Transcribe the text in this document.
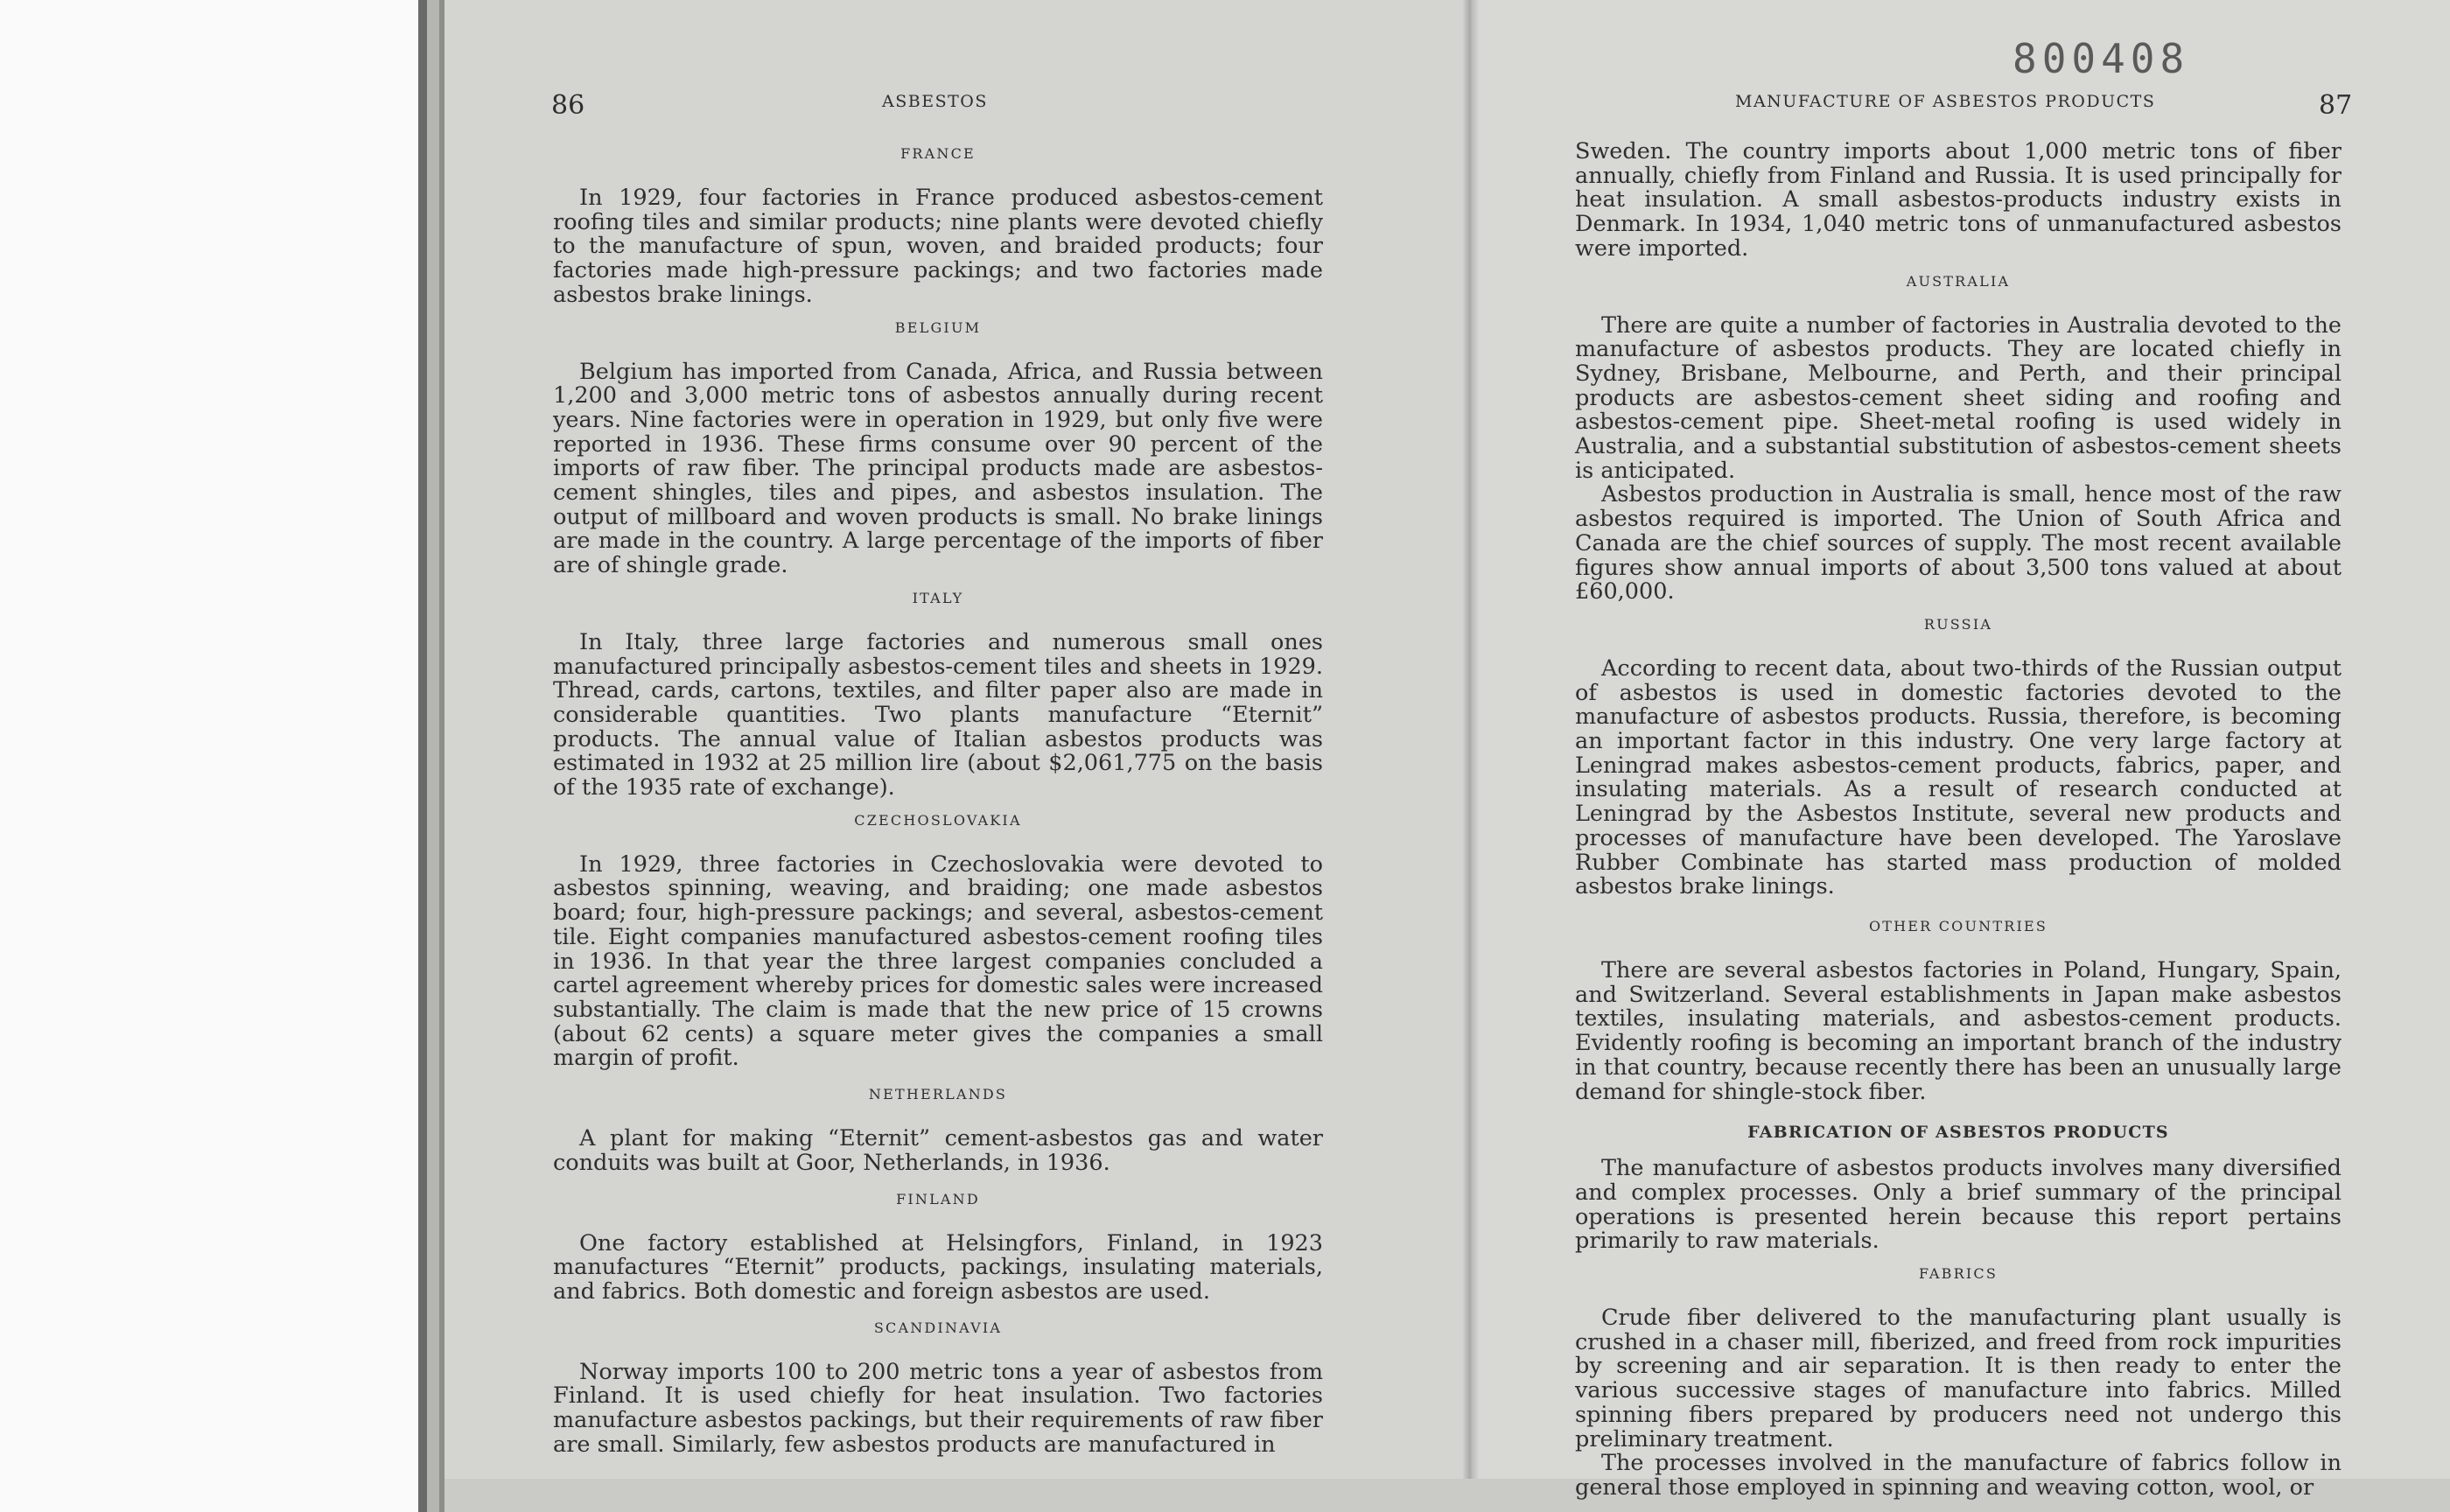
86	ASBESTOS
FRANCE

In 1929, four factories in France produced asbestos-cement roofing tiles and similar products; nine plants were devoted chiefly to the manufacture of spun, woven, and braided products; four factories made high-pressure packings; and two factories made asbestos brake linings.

BELGIUM

Belgium has imported from Canada, Africa, and Russia between 1,200 and 3,000 metric tons of asbestos annually during recent years. Nine factories were in operation in 1929, but only five were reported in 1936. These firms consume over 90 percent of the imports of raw fiber. The principal products made are asbestos-cement shingles, tiles and pipes, and asbestos insulation. The output of millboard and woven products is small. No brake linings are made in the country. A large percentage of the imports of fiber are of shingle grade.

ITALY

In Italy, three large factories and numerous small ones manufactured principally asbestos-cement tiles and sheets in 1929. Thread, cards, cartons, textiles, and filter paper also are made in considerable quantities. Two plants manufacture “Eternit” products. The annual value of Italian asbestos products was estimated in 1932 at 25 million lire (about $2,061,775 on the basis of the 1935 rate of exchange).

CZECHOSLOVAKIA

In 1929, three factories in Czechoslovakia were devoted to asbestos spinning, weaving, and braiding; one made asbestos board; four, high-pressure packings; and several, asbestos-cement tile. Eight companies manufactured asbestos-cement roofing tiles in 1936. In that year the three largest companies concluded a cartel agreement whereby prices for domestic sales were increased substantially. The claim is made that the new price of 15 crowns (about 62 cents) a square meter gives the companies a small margin of profit.

NETHERLANDS

A plant for making “Eternit” cement-asbestos gas and water conduits was built at Goor, Netherlands, in 1936.

FINLAND

One factory established at Helsingfors, Finland, in 1923 manufactures “Eternit” products, packings, insulating materials, and fabrics. Both domestic and foreign asbestos are used.

SCANDINAVIA

Norway imports 100 to 200 metric tons a year of asbestos from Finland. It is used chiefly for heat insulation. Two factories manufacture asbestos packings, but their requirements of raw fiber are small. Similarly, few asbestos products are manufactured in

800408
MANUFACTURE OF ASBESTOS PRODUCTS	87

Sweden. The country imports about 1,000 metric tons of fiber annually, chiefly from Finland and Russia. It is used principally for heat insulation. A small asbestos-products industry exists in Denmark. In 1934, 1,040 metric tons of unmanufactured asbestos were imported.

AUSTRALIA

There are quite a number of factories in Australia devoted to the manufacture of asbestos products. They are located chiefly in Sydney, Brisbane, Melbourne, and Perth, and their principal products are asbestos-cement sheet siding and roofing and asbestos-cement pipe. Sheet-metal roofing is used widely in Australia, and a substantial substitution of asbestos-cement sheets is anticipated.

Asbestos production in Australia is small, hence most of the raw asbestos required is imported. The Union of South Africa and Canada are the chief sources of supply. The most recent available figures show annual imports of about 3,500 tons valued at about £60,000.

RUSSIA

According to recent data, about two-thirds of the Russian output of asbestos is used in domestic factories devoted to the manufacture of asbestos products. Russia, therefore, is becoming an important factor in this industry. One very large factory at Leningrad makes asbestos-cement products, fabrics, paper, and insulating materials. As a result of research conducted at Leningrad by the Asbestos Institute, several new products and processes of manufacture have been developed. The Yaroslave Rubber Combinate has started mass production of molded asbestos brake linings.

OTHER COUNTRIES

There are several asbestos factories in Poland, Hungary, Spain, and Switzerland. Several establishments in Japan make asbestos textiles, insulating materials, and asbestos-cement products. Evidently roofing is becoming an important branch of the industry in that country, because recently there has been an unusually large demand for shingle-stock fiber.

FABRICATION OF ASBESTOS PRODUCTS

The manufacture of asbestos products involves many diversified and complex processes. Only a brief summary of the principal operations is presented herein because this report pertains primarily to raw materials.

FABRICS

Crude fiber delivered to the manufacturing plant usually is crushed in a chaser mill, fiberized, and freed from rock impurities by screening and air separation. It is then ready to enter the various successive stages of manufacture into fabrics. Milled spinning fibers prepared by producers need not undergo this preliminary treatment.

The processes involved in the manufacture of fabrics follow in general those employed in spinning and weaving cotton, wool, or
